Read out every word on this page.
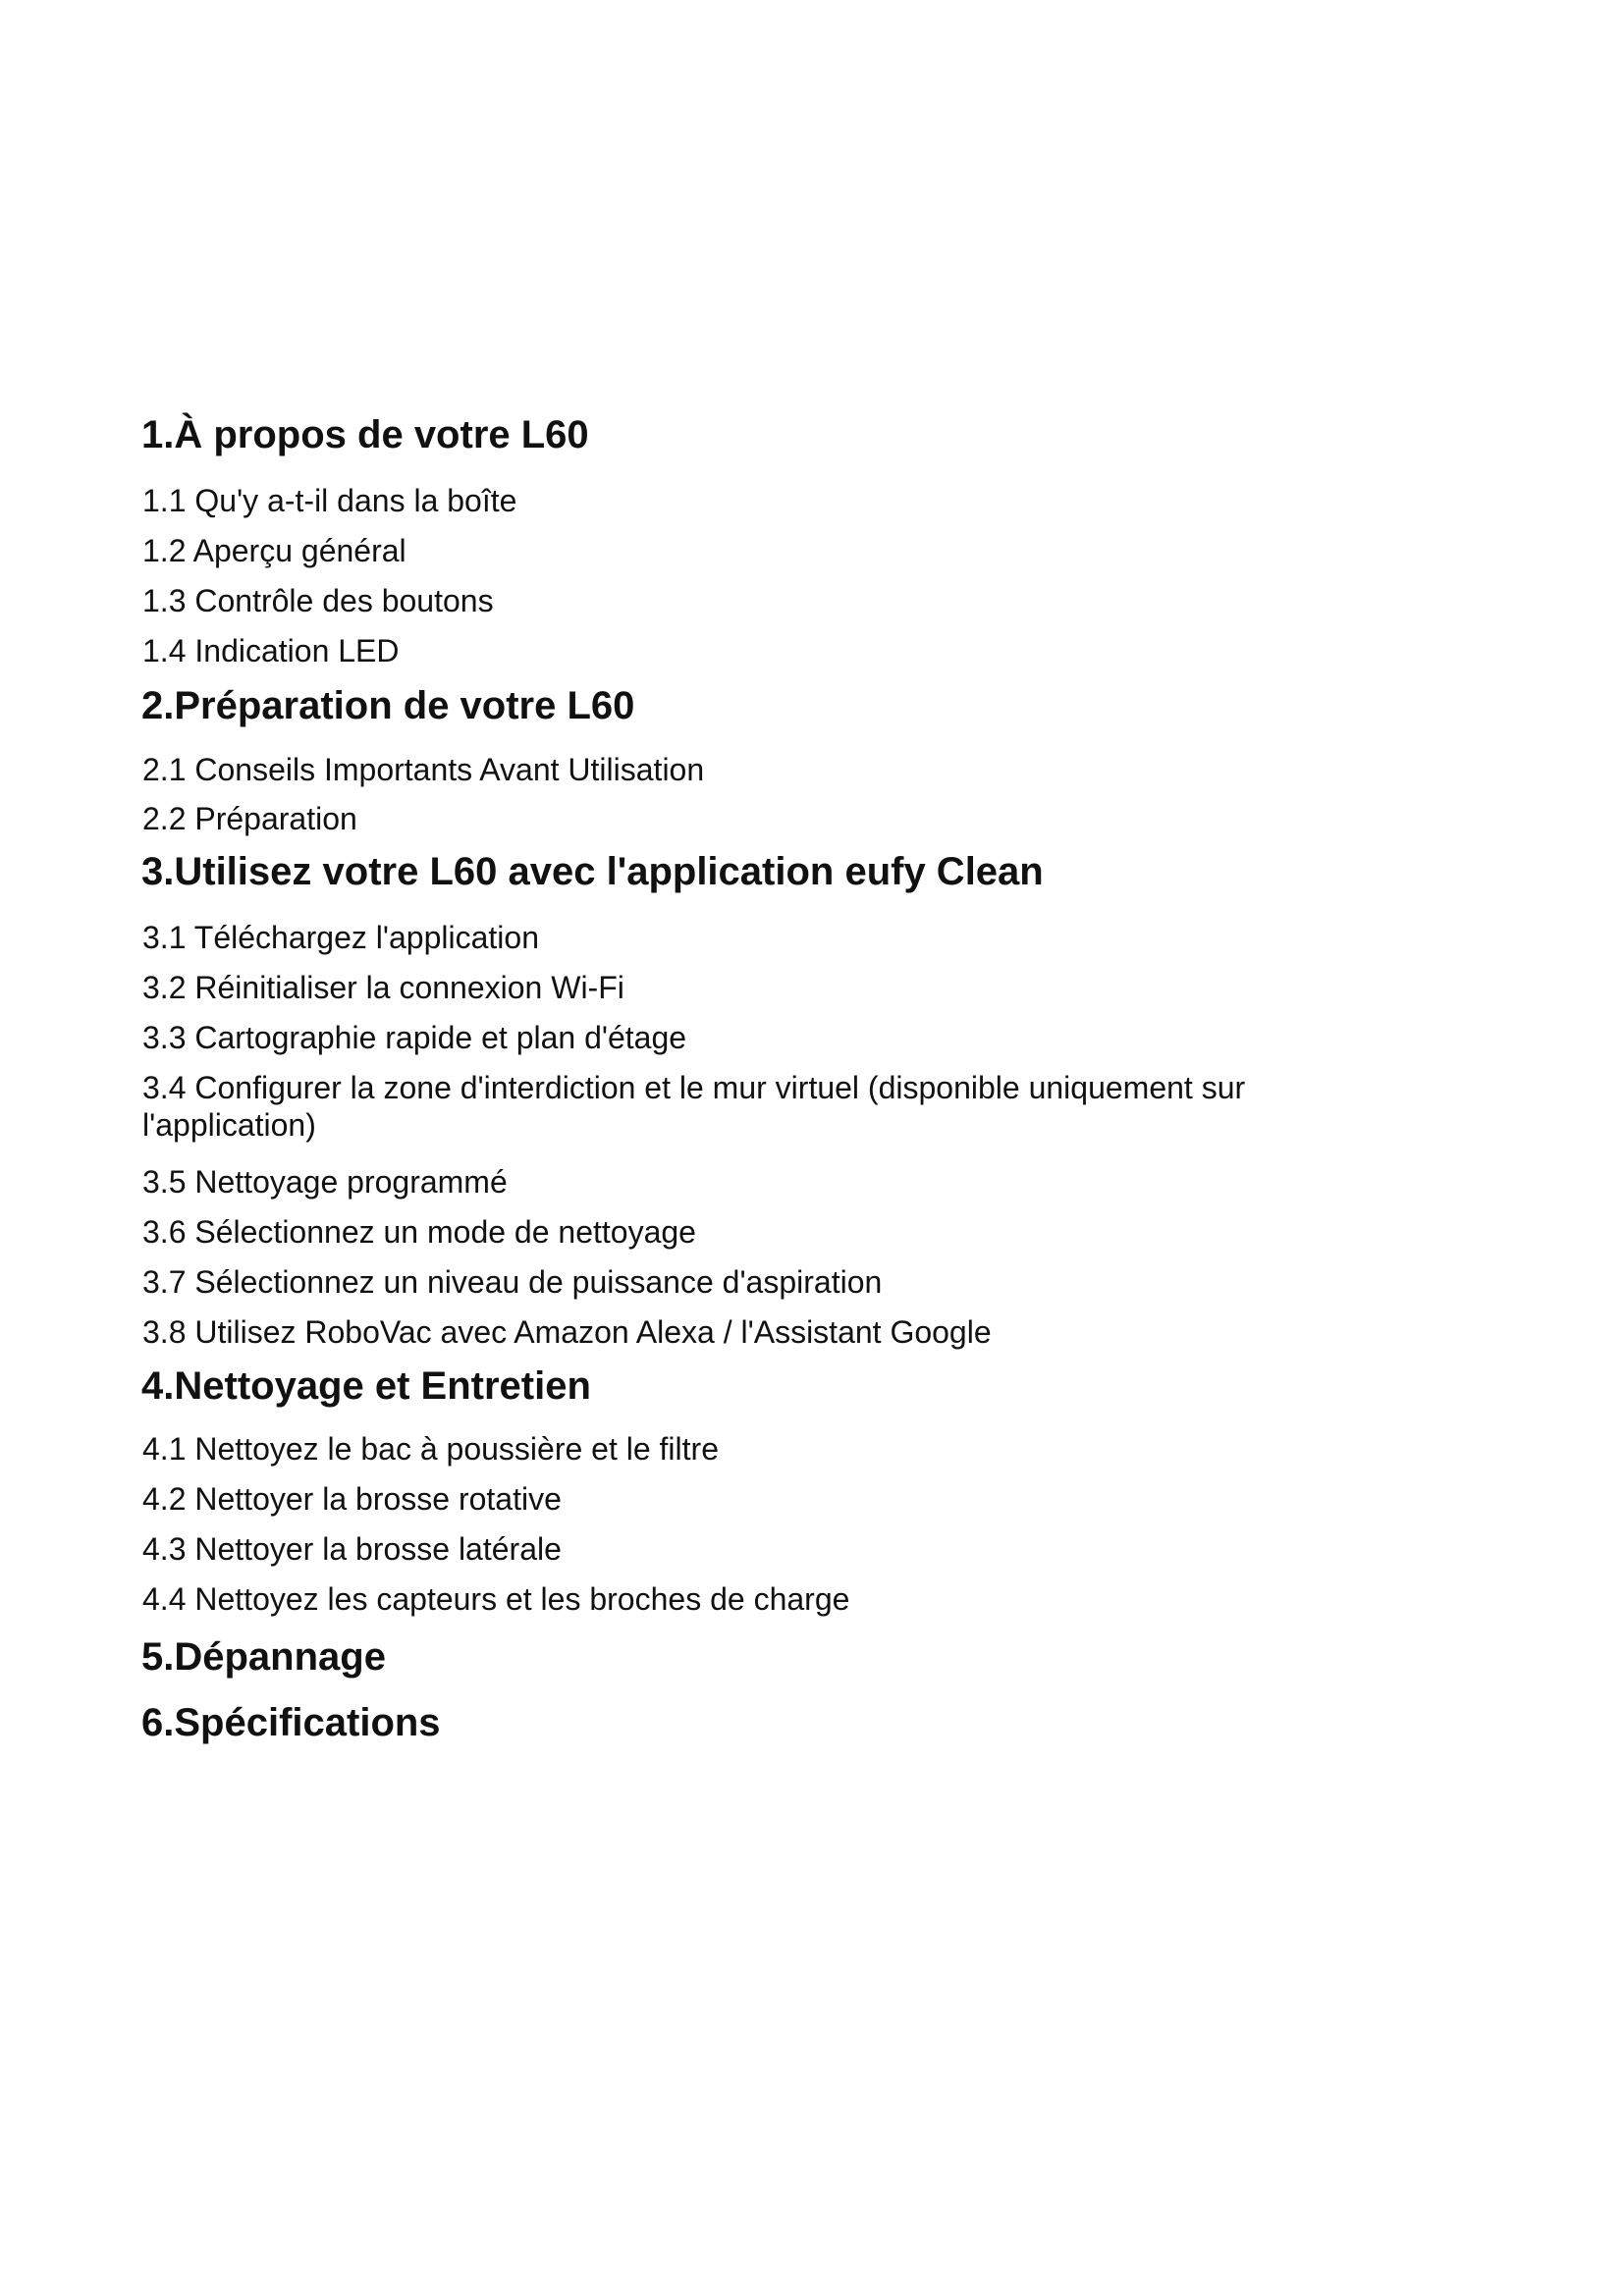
1.À propos de votre L60

1.1 Qu'y a-t-il dans la boîte

1.2 Aperçu général

1.3 Contrôle des boutons

1.4 Indication LED

2.Préparation de votre L60

2.1 Conseils Importants Avant Utilisation

2.2 Préparation

3.Utilisez votre L60 avec l'application eufy Clean

3.1 Téléchargez l'application

3.2 Réinitialiser la connexion Wi-Fi

3.3 Cartographie rapide et plan d'étage

3.4 Configurer la zone d'interdiction et le mur virtuel (disponible uniquement sur l'application)

3.5 Nettoyage programmé

3.6 Sélectionnez un mode de nettoyage

3.7 Sélectionnez un niveau de puissance d'aspiration

3.8 Utilisez RoboVac avec Amazon Alexa / l'Assistant Google

4.Nettoyage et Entretien

4.1 Nettoyez le bac à poussière et le filtre

4.2 Nettoyer la brosse rotative

4.3 Nettoyer la brosse latérale

4.4 Nettoyez les capteurs et les broches de charge

5.Dépannage
6.Spécifications
